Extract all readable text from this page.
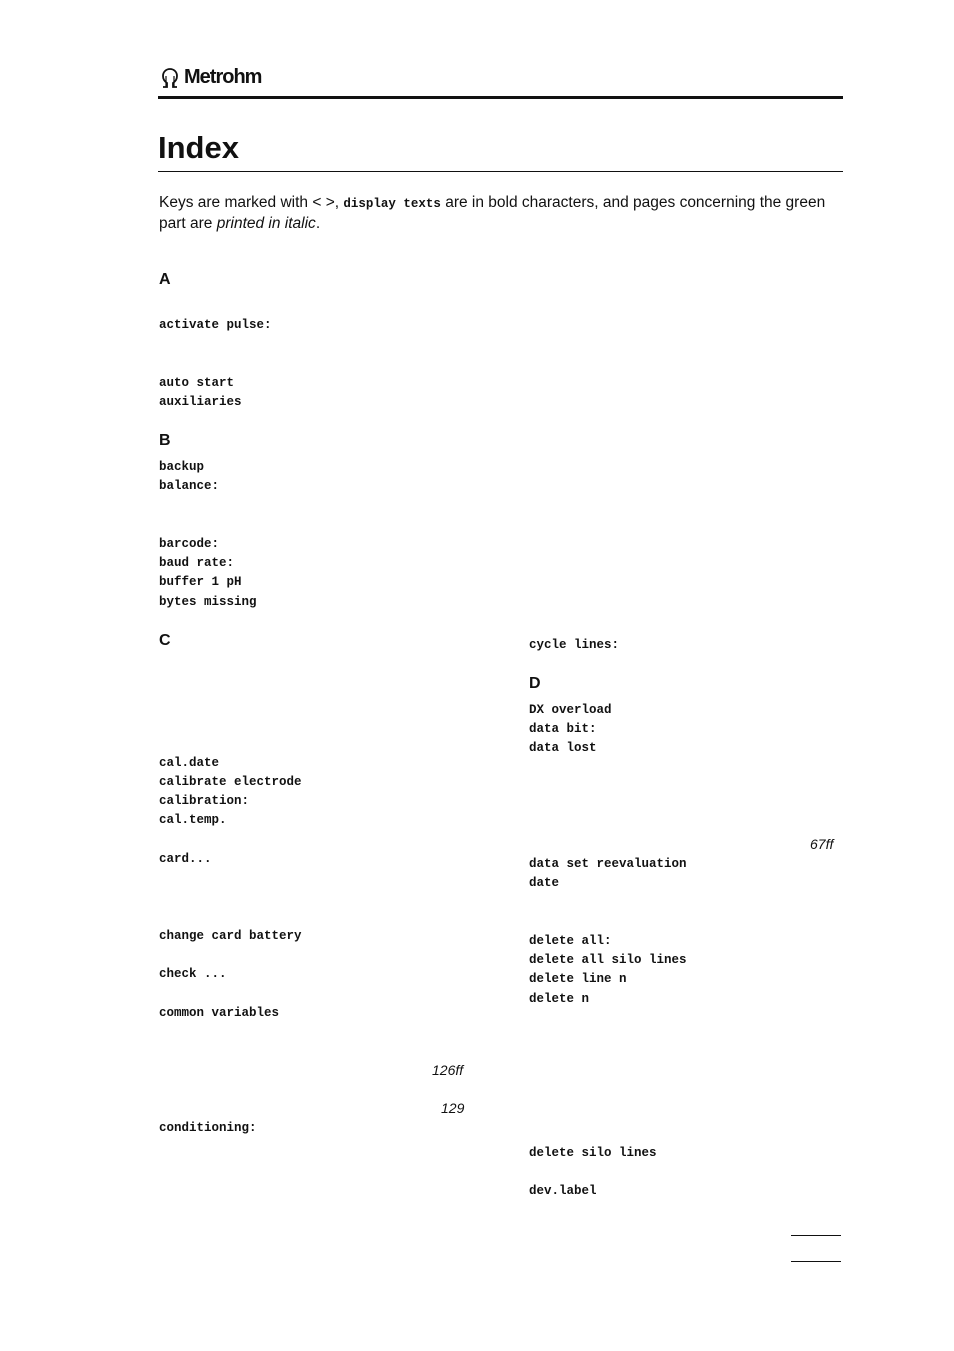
Metrohm
Index

Keys are marked with < >, display texts are in bold characters, and pages concerning the green part are printed in italic.

A
activate pulse:
auto start
auxiliaries
B
backup
balance:
barcode:
baud rate:
buffer 1 pH
bytes missing
C
cal.date
calibrate electrode
calibration:
cal.temp.
card...
change card battery
check ...
common variables
126ff
129
conditioning:
cycle lines:
D
DX overload
data bit:
data lost
67ff
data set reevaluation
date
delete all:
delete all silo lines
delete line n
delete n
delete silo lines
dev.label
